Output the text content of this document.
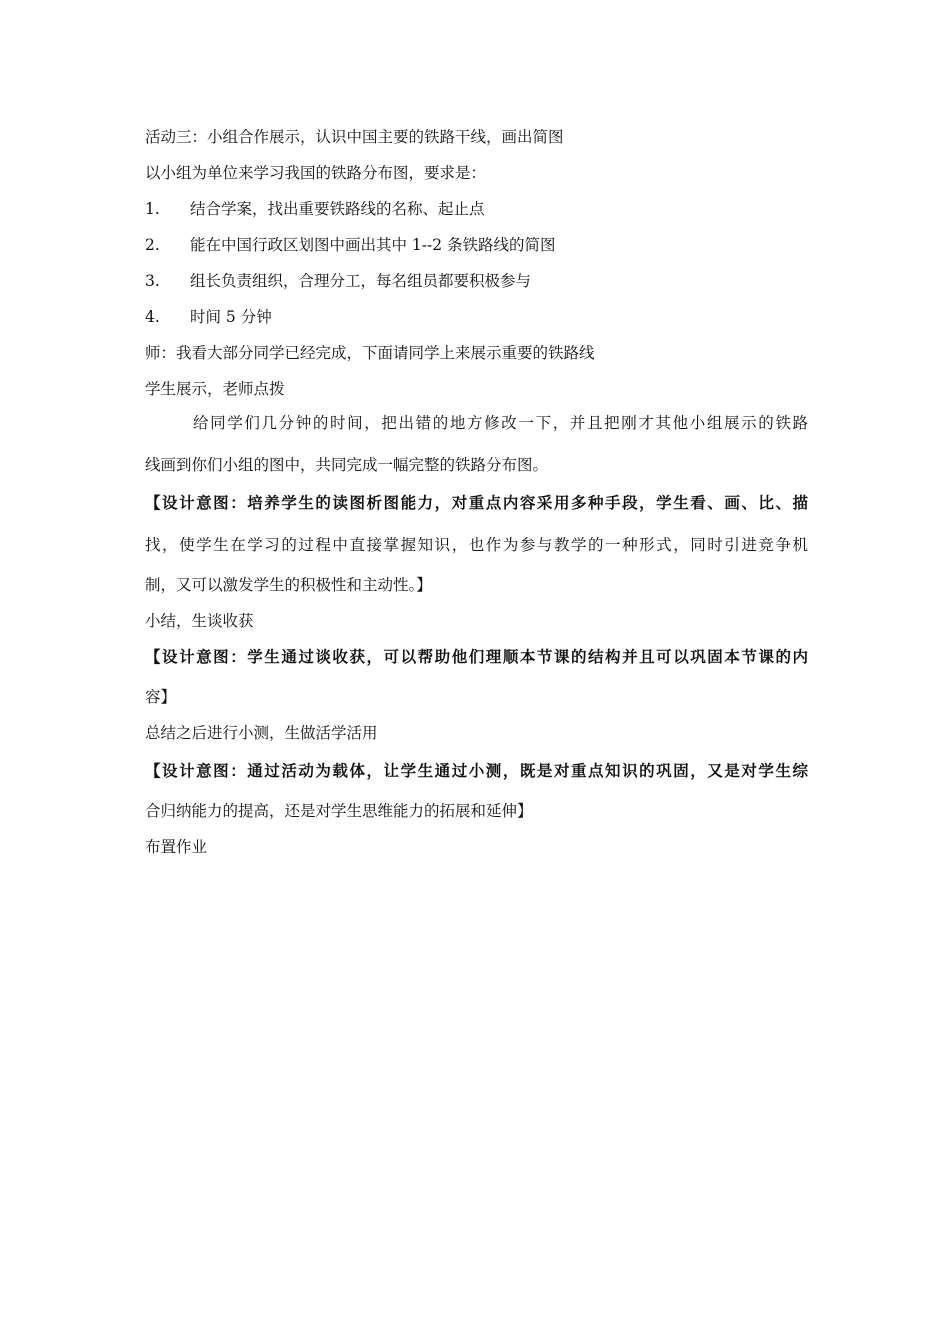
活动三：小组合作展示，认识中国主要的铁路干线，画出简图
以小组为单位来学习我国的铁路分布图，要求是：
1. 结合学案，找出重要铁路线的名称、起止点
2. 能在中国行政区划图中画出其中 1--2 条铁路线的简图
3. 组长负责组织，合理分工，每名组员都要积极参与
4. 时间 5 分钟
师：我看大部分同学已经完成，下面请同学上来展示重要的铁路线
学生展示，老师点拨
给同学们几分钟的时间，把出错的地方修改一下，并且把刚才其他小组展示的铁路
线画到你们小组的图中，共同完成一幅完整的铁路分布图。
【设计意图：培养学生的读图析图能力，对重点内容采用多种手段，学生看、画、比、描
找，使学生在学习的过程中直接掌握知识，也作为参与教学的一种形式，同时引进竞争机
制，又可以激发学生的积极性和主动性。】
小结，生谈收获
【设计意图：学生通过谈收获，可以帮助他们理顺本节课的结构并且可以巩固本节课的内
容】
总结之后进行小测，生做活学活用
【设计意图：通过活动为载体，让学生通过小测，既是对重点知识的巩固，又是对学生综
合归纳能力的提高，还是对学生思维能力的拓展和延伸】
布置作业
